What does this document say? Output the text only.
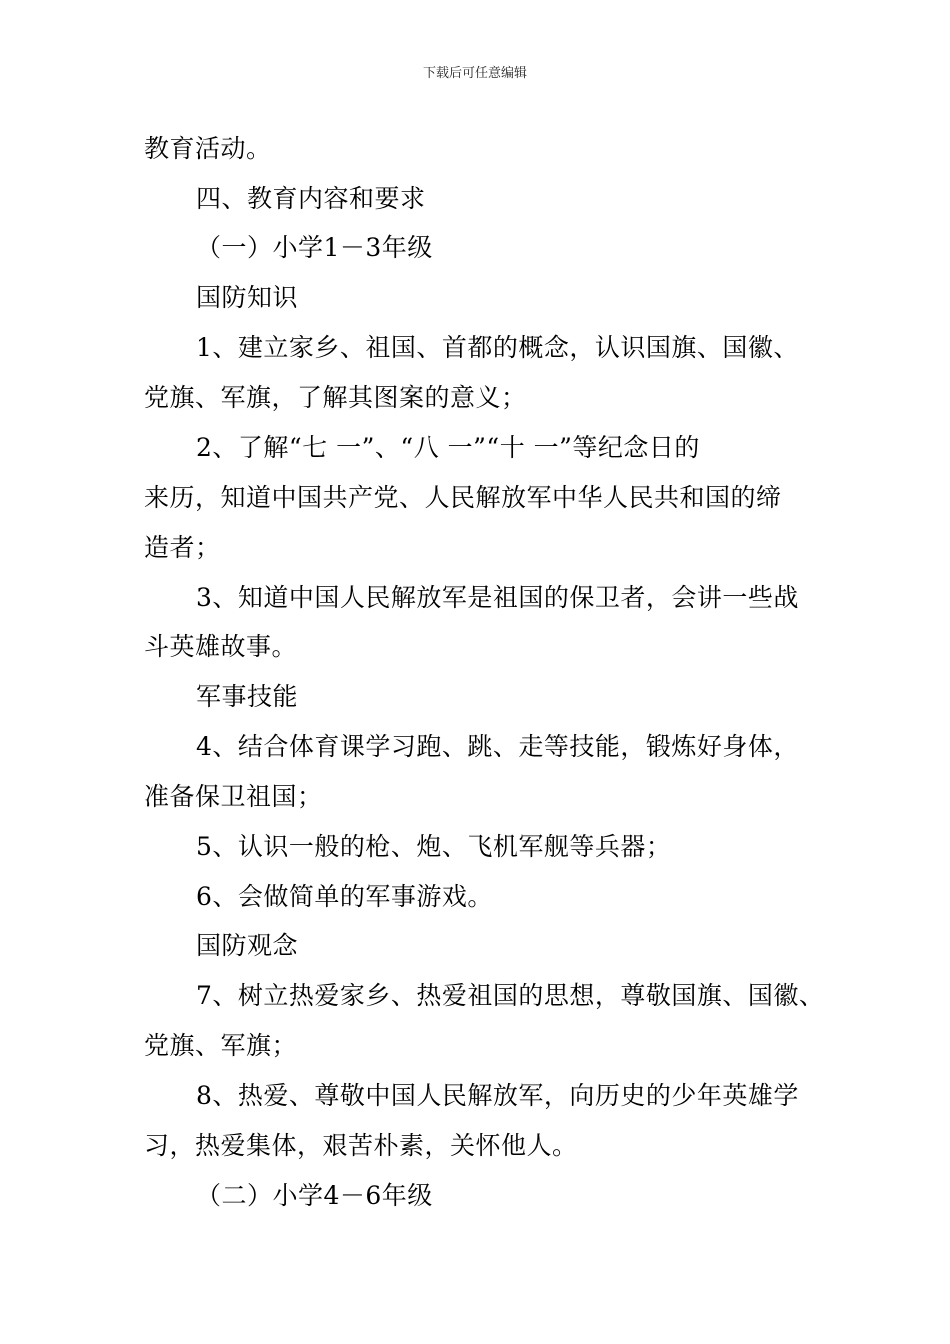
下载后可任意编辑
教育活动。
四、教育内容和要求
（一）小学1－3年级
国防知识
1、建立家乡、祖国、首都的概念，认识国旗、国徽、
党旗、军旗，了解其图案的意义；
2、了解“七 一”、“八 一”“十 一”等纪念日的
来历，知道中国共产党、人民解放军中华人民共和国的缔
造者；
3、知道中国人民解放军是祖国的保卫者，会讲一些战
斗英雄故事。
军事技能
4、结合体育课学习跑、跳、走等技能，锻炼好身体，
准备保卫祖国；
5、认识一般的枪、炮、飞机军舰等兵器；
6、会做简单的军事游戏。
国防观念
7、树立热爱家乡、热爱祖国的思想，尊敬国旗、国徽、
党旗、军旗；
8、热爱、尊敬中国人民解放军，向历史的少年英雄学
习，热爱集体，艰苦朴素，关怀他人。
（二）小学4－6年级
